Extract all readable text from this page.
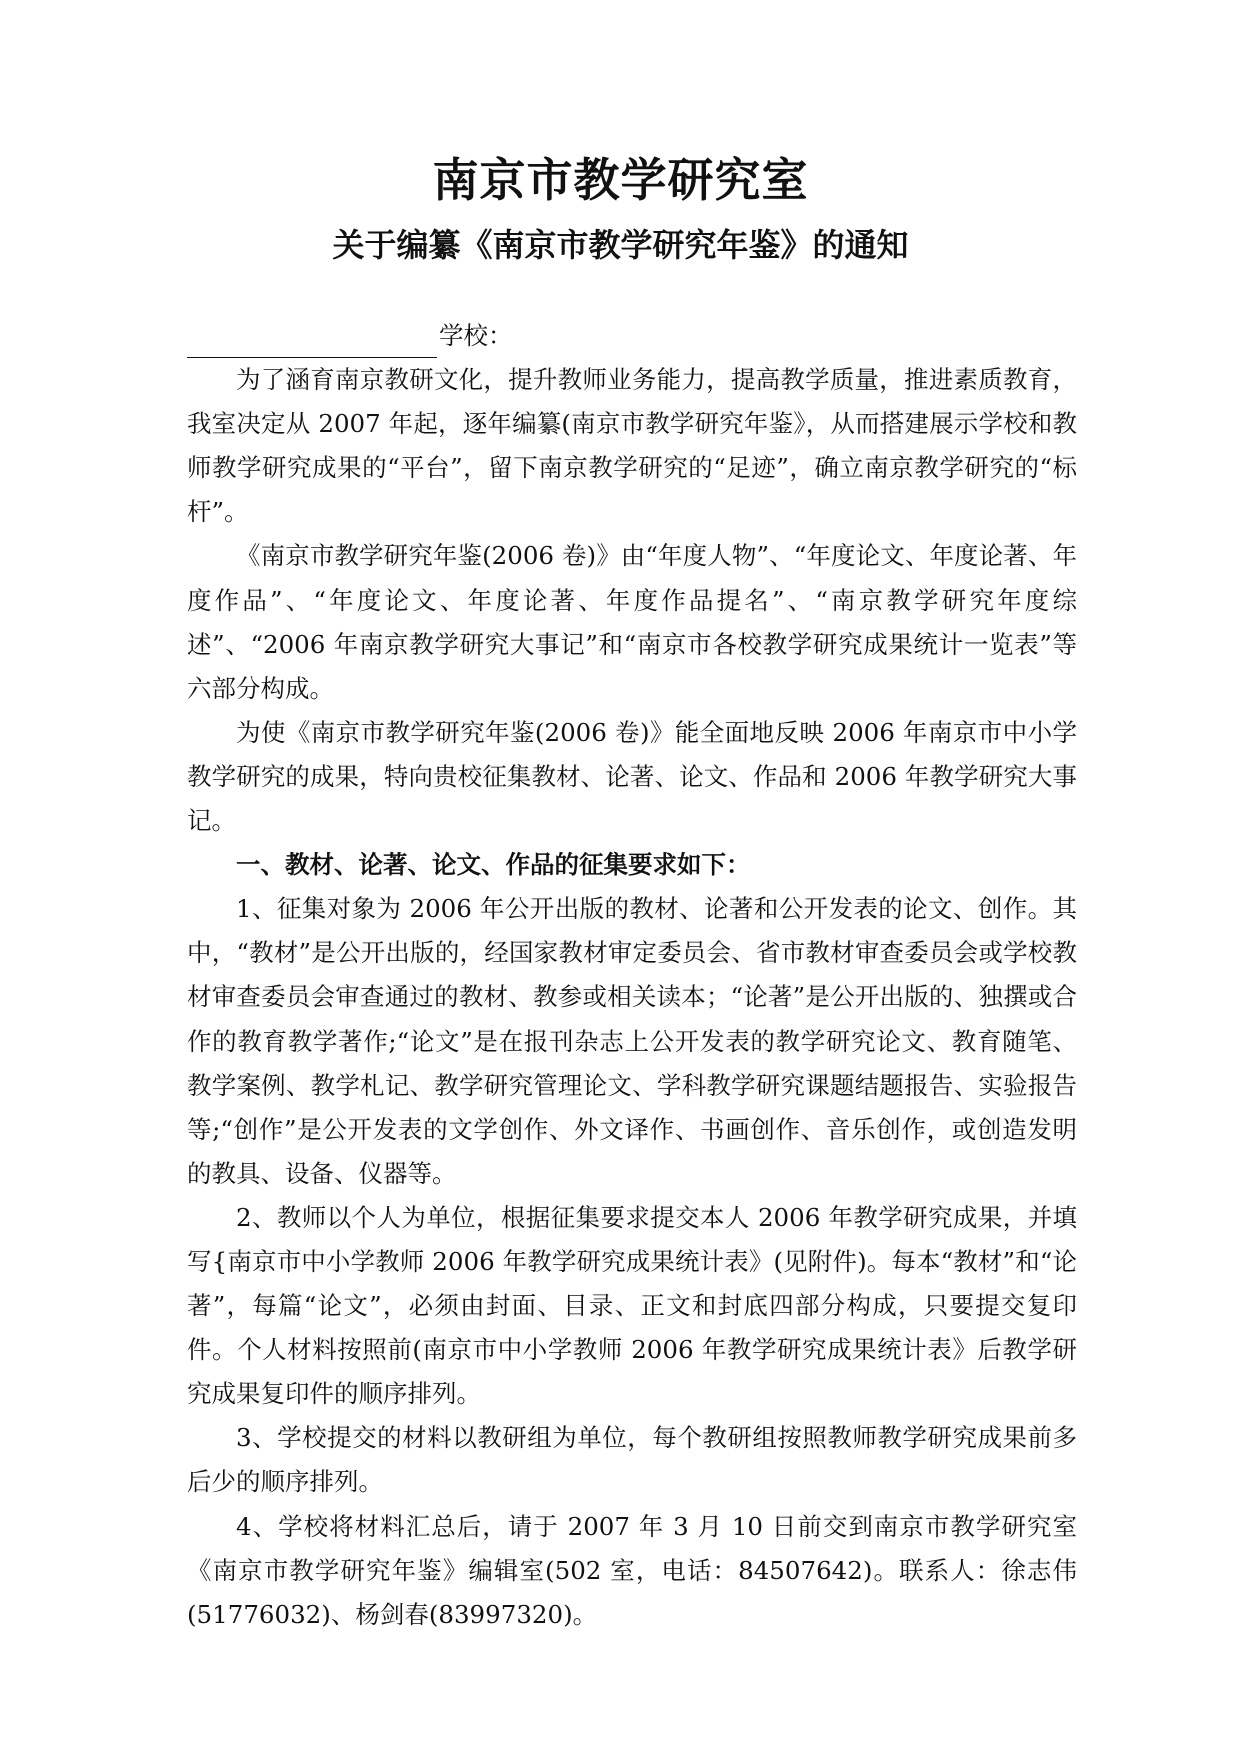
南京市教学研究室
关于编纂《南京市教学研究年鉴》的通知

学校：

为了涵育南京教研文化，提升教师业务能力，提高教学质量，推进素质教育，我室决定从 2007 年起，逐年编纂(南京市教学研究年鉴》，从而搭建展示学校和教师教学研究成果的“平台”，留下南京教学研究的“足迹”，确立南京教学研究的“标杆”。

《南京市教学研究年鉴(2006 卷)》由“年度人物”、“年度论文、年度论著、年度作品”、“年度论文、年度论著、年度作品提名”、“南京教学研究年度综述”、“2006 年南京教学研究大事记”和“南京市各校教学研究成果统计一览表”等六部分构成。

为使《南京市教学研究年鉴(2006 卷)》能全面地反映 2006 年南京市中小学教学研究的成果，特向贵校征集教材、论著、论文、作品和 2006 年教学研究大事记。

一、教材、论著、论文、作品的征集要求如下：

1、征集对象为 2006 年公开出版的教材、论著和公开发表的论文、创作。其中，“教材”是公开出版的，经国家教材审定委员会、省市教材审查委员会或学校教材审查委员会审查通过的教材、教参或相关读本；“论著”是公开出版的、独撰或合作的教育教学著作;“论文”是在报刊杂志上公开发表的教学研究论文、教育随笔、教学案例、教学札记、教学研究管理论文、学科教学研究课题结题报告、实验报告等;“创作”是公开发表的文学创作、外文译作、书画创作、音乐创作，或创造发明的教具、设备、仪器等。

2、教师以个人为单位，根据征集要求提交本人 2006 年教学研究成果，并填写{南京市中小学教师 2006 年教学研究成果统计表》(见附件)。每本“教材”和“论著”，每篇“论文”，必须由封面、目录、正文和封底四部分构成，只要提交复印件。个人材料按照前(南京市中小学教师 2006 年教学研究成果统计表》后教学研究成果复印件的顺序排列。

3、学校提交的材料以教研组为单位，每个教研组按照教师教学研究成果前多后少的顺序排列。

4、学校将材料汇总后，请于 2007 年 3 月 10 日前交到南京市教学研究室《南京市教学研究年鉴》编辑室(502 室，电话：84507642)。联系人：徐志伟(51776032)、杨剑春(83997320)。
